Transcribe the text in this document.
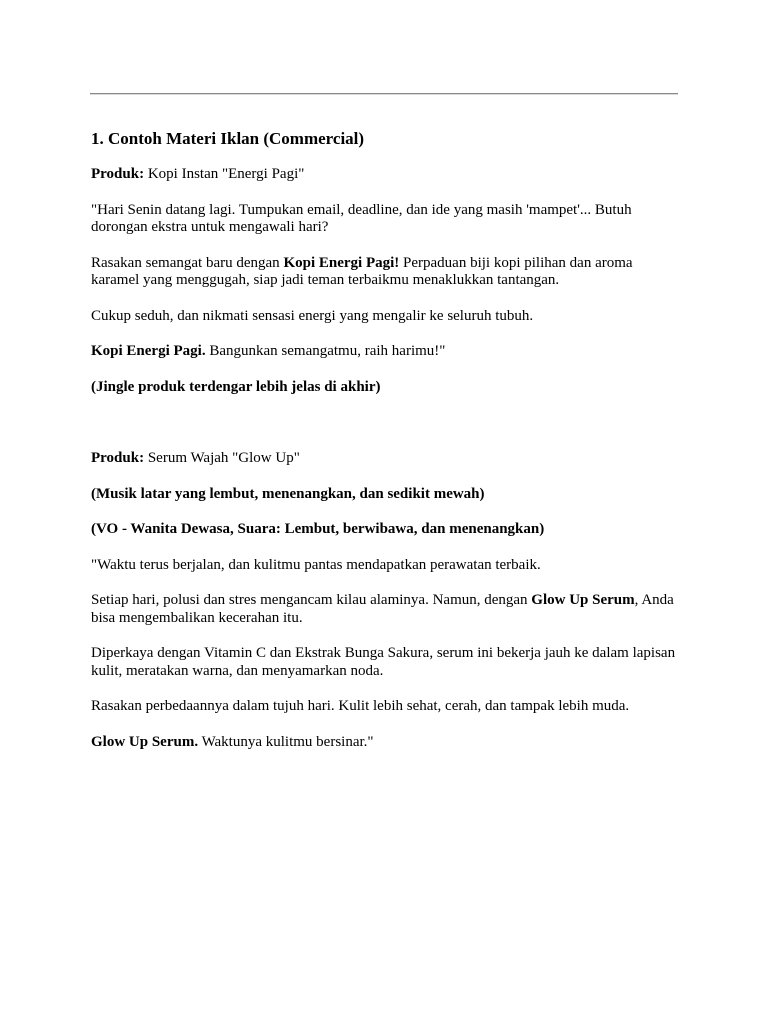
1. Contoh Materi Iklan (Commercial)

Produk: Kopi Instan "Energi Pagi"

"Hari Senin datang lagi. Tumpukan email, deadline, dan ide yang masih 'mampet'... Butuh dorongan ekstra untuk mengawali hari?

Rasakan semangat baru dengan Kopi Energi Pagi! Perpaduan biji kopi pilihan dan aroma karamel yang menggugah, siap jadi teman terbaikmu menaklukkan tantangan.

Cukup seduh, dan nikmati sensasi energi yang mengalir ke seluruh tubuh.

Kopi Energi Pagi. Bangunkan semangatmu, raih harimu!"

(Jingle produk terdengar lebih jelas di akhir)

Produk: Serum Wajah "Glow Up"

(Musik latar yang lembut, menenangkan, dan sedikit mewah)

(VO - Wanita Dewasa, Suara: Lembut, berwibawa, dan menenangkan)

"Waktu terus berjalan, dan kulitmu pantas mendapatkan perawatan terbaik.

Setiap hari, polusi dan stres mengancam kilau alaminya. Namun, dengan Glow Up Serum, Anda bisa mengembalikan kecerahan itu.

Diperkaya dengan Vitamin C dan Ekstrak Bunga Sakura, serum ini bekerja jauh ke dalam lapisan kulit, meratakan warna, dan menyamarkan noda.

Rasakan perbedaannya dalam tujuh hari. Kulit lebih sehat, cerah, dan tampak lebih muda.

Glow Up Serum. Waktunya kulitmu bersinar."
